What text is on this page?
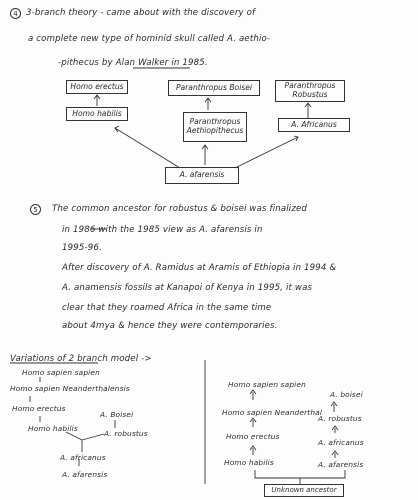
4 3-branch theory - came about with the discovery of
a complete new type of hominid skull called A. aethio-
-pithecus by Alan Walker in 1985.
Homo erectus
Homo habilis
Paranthropus Boisei
Paranthropus Aethiopithecus
Paranthropus Robustus
A. Africanus
A. afarensis
5	The common ancestor for robustus & boisei was finalized
in 1986 with the 1985 view as A. afarensis in
1995-96.
After discovery of A. Ramidus at Aramis of Ethiopia in 1994 &
A. anamensis fossils at Kanapoi of Kenya in 1995, it was
clear that they roamed Africa in the same time
about 4mya & hence they were contemporaries.
Variations of 2 branch model ->
Homo sapien sapien
Homo sapien Neanderthalensis
Homo erectus
A. Boisei
Homo habilis
A. robustus
A. africanus
A. afarensis
Homo sapien sapien
A. boisei
Homo sapien Neanderthal
A. robustus
Homo erectus
A. africanus
Homo habilis	A. afarensis
Unknown ancestor
